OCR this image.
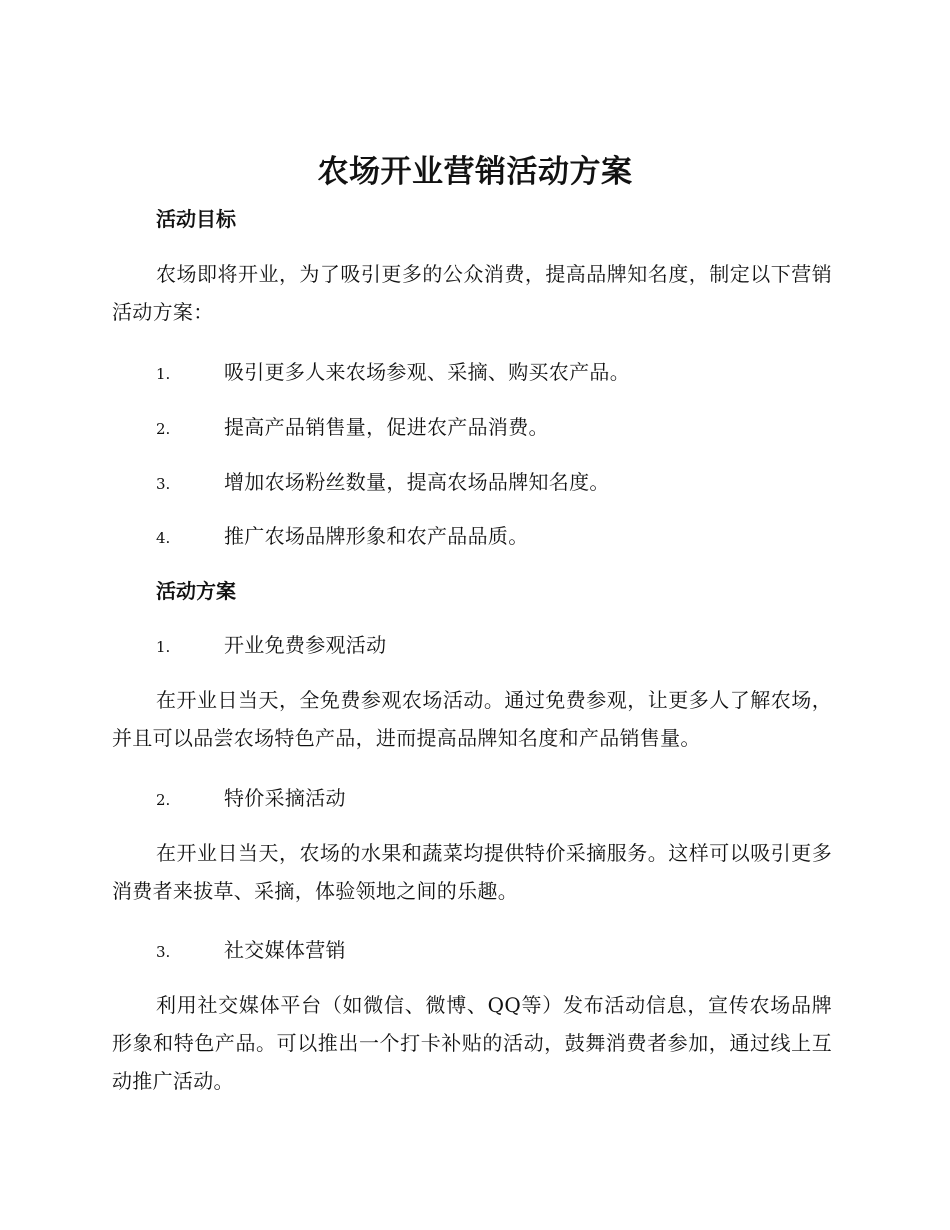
农场开业营销活动方案
活动目标

农场即将开业，为了吸引更多的公众消费，提高品牌知名度，制定以下营销活动方案：

1.	吸引更多人来农场参观、采摘、购买农产品。
2.	提高产品销售量，促进农产品消费。
3.	增加农场粉丝数量，提高农场品牌知名度。
4.	推广农场品牌形象和农产品品质。
活动方案
1.	开业免费参观活动

在开业日当天，全免费参观农场活动。通过免费参观，让更多人了解农场，并且可以品尝农场特色产品，进而提高品牌知名度和产品销售量。

2.	特价采摘活动

在开业日当天，农场的水果和蔬菜均提供特价采摘服务。这样可以吸引更多消费者来拔草、采摘，体验领地之间的乐趣。

3.	社交媒体营销

利用社交媒体平台（如微信、微博、QQ等）发布活动信息，宣传农场品牌形象和特色产品。可以推出一个打卡补贴的活动，鼓舞消费者参加，通过线上互动推广活动。
